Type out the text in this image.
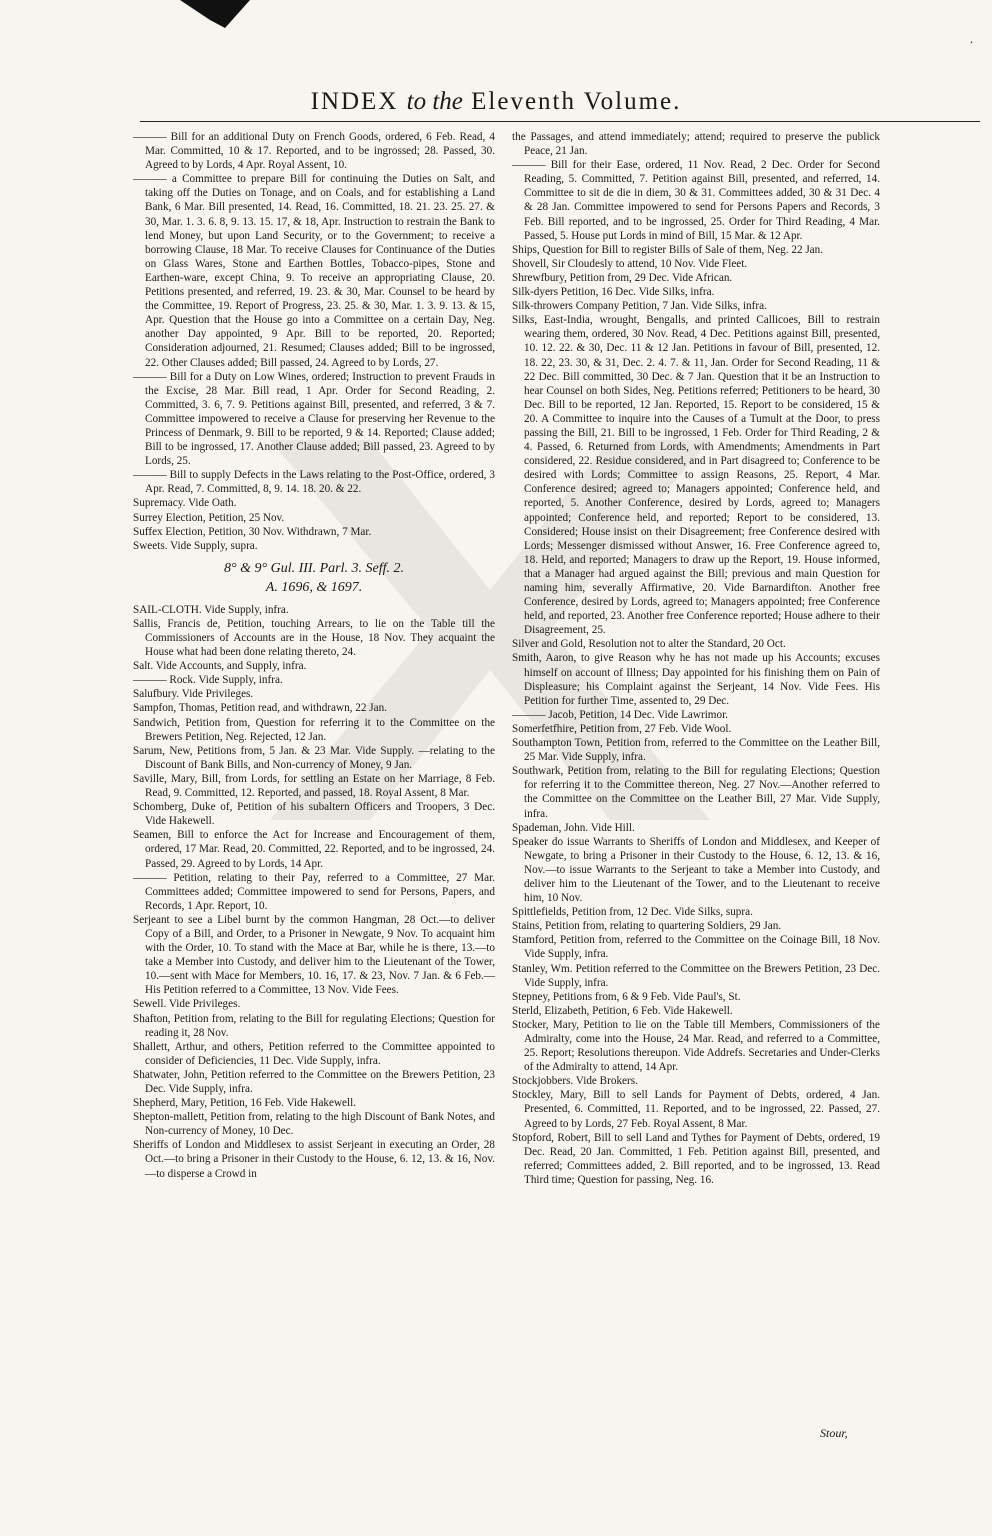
INDEX to the Eleventh Volume.
——— Bill for an additional Duty on French Goods, ordered, 6 Feb. Read, 4 Mar. Committed, 10 & 17. Reported, and to be ingrossed; 28. Passed, 30. Agreed to by Lords, 4 Apr. Royal Assent, 10.
——— a Committee to prepare Bill for continuing the Duties on Salt, and taking off the Duties on Tonage, and on Coals, and for establishing a Land Bank, 6 Mar. Bill presented, 14. Read, 16. Committed, 18. 21. 23. 25. 27. & 30, Mar. 1. 3. 6. 8, 9. 13. 15. 17, & 18, Apr. Instruction to restrain the Bank to lend Money, but upon Land Security, or to the Government; to receive a borrowing Clause, 18 Mar. To receive Clauses for Continuance of the Duties on Glass Wares, Stone and Earthen Bottles, Tobacco-pipes, Stone and Earthen-ware, except China, 9. To receive an appropriating Clause, 20. Petitions presented, and referred, 19. 23. & 30, Mar. Counsel to be heard by the Committee, 19. Report of Progress, 23. 25. & 30, Mar. 1. 3. 9. 13. & 15, Apr. Question that the House go into a Committee on a certain Day, Neg. another Day appointed, 9 Apr. Bill to be reported, 20. Reported; Consideration adjourned, 21. Resumed; Clauses added; Bill to be ingrossed, 22. Other Clauses added; Bill passed, 24. Agreed to by Lords, 27.
——— Bill for a Duty on Low Wines, ordered; Instruction to prevent Frauds in the Excise, 28 Mar. Bill read, 1 Apr. Order for Second Reading, 2. Committed, 3. 6, 7. 9. Petitions against Bill, presented, and referred, 3 & 7. Committee impowered to receive a Clause for preserving her Revenue to the Princess of Denmark, 9. Bill to be reported, 9 & 14. Reported; Clause added; Bill to be ingrossed, 17. Another Clause added; Bill passed, 23. Agreed to by Lords, 25.
——— Bill to supply Defects in the Laws relating to the Post-Office, ordered, 3 Apr. Read, 7. Committed, 8, 9. 14. 18. 20. & 22.
Supremacy. Vide Oath.
Surrey Election, Petition, 25 Nov.
Suffex Election, Petition, 30 Nov. Withdrawn, 7 Mar.
Sweets. Vide Supply, supra.
8° & 9° Gul. III. Parl. 3. Seff. 2.
A. 1696, & 1697.
SAIL-CLOTH. Vide Supply, infra.
Sallis, Francis de, Petition, touching Arrears, to lie on the Table till the Commissioners of Accounts are in the House, 18 Nov. They acquaint the House what had been done relating thereto, 24.
Salt. Vide Accounts, and Supply, infra.
——— Rock. Vide Supply, infra.
Salufbury. Vide Privileges.
Sampfon, Thomas, Petition read, and withdrawn, 22 Jan.
Sandwich, Petition from, Question for referring it to the Committee on the Brewers Petition, Neg. Rejected, 12 Jan.
Sarum, New, Petitions from, 5 Jan. & 23 Mar. Vide Supply. —relating to the Discount of Bank Bills, and Non-currency of Money, 9 Jan.
Saville, Mary, Bill, from Lords, for settling an Estate on her Marriage, 8 Feb. Read, 9. Committed, 12. Reported, and passed, 18. Royal Assent, 8 Mar.
Schomberg, Duke of, Petition of his subaltern Officers and Troopers, 3 Dec. Vide Hakewell.
Seamen, Bill to enforce the Act for Increase and Encouragement of them, ordered, 17 Mar. Read, 20. Committed, 22. Reported, and to be ingrossed, 24. Passed, 29. Agreed to by Lords, 14 Apr.
——— Petition, relating to their Pay, referred to a Committee, 27 Mar. Committees added; Committee impowered to send for Persons, Papers, and Records, 1 Apr. Report, 10.
Serjeant to see a Libel burnt by the common Hangman, 28 Oct.—to deliver Copy of a Bill, and Order, to a Prisoner in Newgate, 9 Nov. To acquaint him with the Order, 10. To stand with the Mace at Bar, while he is there, 13.—to take a Member into Custody, and deliver him to the Lieutenant of the Tower, 10.—sent with Mace for Members, 10. 16, 17. & 23, Nov. 7 Jan. & 6 Feb.—His Petition referred to a Committee, 13 Nov. Vide Fees.
Sewell. Vide Privileges.
Shafton, Petition from, relating to the Bill for regulating Elections; Question for reading it, 28 Nov.
Shallett, Arthur, and others, Petition referred to the Committee appointed to consider of Deficiencies, 11 Dec. Vide Supply, infra.
Shatwater, John, Petition referred to the Committee on the Brewers Petition, 23 Dec. Vide Supply, infra.
Shepherd, Mary, Petition, 16 Feb. Vide Hakewell.
Shepton-mallett, Petition from, relating to the high Discount of Bank Notes, and Non-currency of Money, 10 Dec.
Sheriffs of London and Middlesex to assist Serjeant in executing an Order, 28 Oct.—to bring a Prisoner in their Custody to the House, 6. 12, 13. & 16, Nov.—to disperse a Crowd in
the Passages, and attend immediately; attend; required to preserve the publick Peace, 21 Jan.
——— Bill for their Ease, ordered, 11 Nov. Read, 2 Dec. Order for Second Reading, 5. Committed, 7. Petition against Bill, presented, and referred, 14. Committee to sit de die in diem, 30 & 31. Committees added, 30 & 31 Dec. 4 & 28 Jan. Committee impowered to send for Persons Papers and Records, 3 Feb. Bill reported, and to be ingrossed, 25. Order for Third Reading, 4 Mar. Passed, 5. House put Lords in mind of Bill, 15 Mar. & 12 Apr.
Ships, Question for Bill to register Bills of Sale of them, Neg. 22 Jan.
Shovell, Sir Cloudesly to attend, 10 Nov. Vide Fleet.
Shrewfbury, Petition from, 29 Dec. Vide African.
Silk-dyers Petition, 16 Dec. Vide Silks, infra.
Silk-throwers Company Petition, 7 Jan. Vide Silks, infra.
Silks, East-India, wrought, Bengalls, and printed Callicoes, Bill to restrain wearing them, ordered, 30 Nov. Read, 4 Dec. Petitions against Bill, presented, 10. 12. 22. & 30, Dec. 11 & 12 Jan. Petitions in favour of Bill, presented, 12. 18. 22, 23. 30, & 31, Dec. 2. 4. 7. & 11, Jan. Order for Second Reading, 11 & 22 Dec. Bill committed, 30 Dec. & 7 Jan. Question that it be an Instruction to hear Counsel on both Sides, Neg. Petitions referred; Petitioners to be heard, 30 Dec. Bill to be reported, 12 Jan. Reported, 15. Report to be considered, 15 & 20. A Committee to inquire into the Causes of a Tumult at the Door, to press passing the Bill, 21. Bill to be ingrossed, 1 Feb. Order for Third Reading, 2 & 4. Passed, 6. Returned from Lords, with Amendments; Amendments in Part considered, 22. Residue considered, and in Part disagreed to; Conference to be desired with Lords; Committee to assign Reasons, 25. Report, 4 Mar. Conference desired; agreed to; Managers appointed; Conference held, and reported, 5. Another Conference, desired by Lords, agreed to; Managers appointed; Conference held, and reported; Report to be considered, 13. Considered; House insist on their Disagreement; free Conference desired with Lords; Messenger dismissed without Answer, 16. Free Conference agreed to, 18. Held, and reported; Managers to draw up the Report, 19. House informed, that a Manager had argued against the Bill; previous and main Question for naming him, severally Affirmative, 20. Vide Barnardifton. Another free Conference, desired by Lords, agreed to; Managers appointed; free Conference held, and reported, 23. Another free Conference reported; House adhere to their Disagreement, 25.
Silver and Gold, Resolution not to alter the Standard, 20 Oct.
Smith, Aaron, to give Reason why he has not made up his Accounts; excuses himself on account of Illness; Day appointed for his finishing them on Pain of Displeasure; his Complaint against the Serjeant, 14 Nov. Vide Fees. His Petition for further Time, assented to, 29 Dec.
——— Jacob, Petition, 14 Dec. Vide Lawrimor.
Somerfetfhire, Petition from, 27 Feb. Vide Wool.
Southampton Town, Petition from, referred to the Committee on the Leather Bill, 25 Mar. Vide Supply, infra.
Southwark, Petition from, relating to the Bill for regulating Elections; Question for referring it to the Committee thereon, Neg. 27 Nov.—Another referred to the Committee on the Committee on the Leather Bill, 27 Mar. Vide Supply, infra.
Spademan, John. Vide Hill.
Speaker do issue Warrants to Sheriffs of London and Middlesex, and Keeper of Newgate, to bring a Prisoner in their Custody to the House, 6. 12, 13. & 16, Nov.—to issue Warrants to the Serjeant to take a Member into Custody, and deliver him to the Lieutenant of the Tower, and to the Lieutenant to receive him, 10 Nov.
Spittlefields, Petition from, 12 Dec. Vide Silks, supra.
Stains, Petition from, relating to quartering Soldiers, 29 Jan.
Stamford, Petition from, referred to the Committee on the Coinage Bill, 18 Nov. Vide Supply, infra.
Stanley, Wm. Petition referred to the Committee on the Brewers Petition, 23 Dec. Vide Supply, infra.
Stepney, Petitions from, 6 & 9 Feb. Vide Paul's, St.
Sterld, Elizabeth, Petition, 6 Feb. Vide Hakewell.
Stocker, Mary, Petition to lie on the Table till Members, Commissioners of the Admiralty, come into the House, 24 Mar. Read, and referred to a Committee, 25. Report; Resolutions thereupon. Vide Addrefs. Secretaries and Under-Clerks of the Admiralty to attend, 14 Apr.
Stockjobbers. Vide Brokers.
Stockley, Mary, Bill to sell Lands for Payment of Debts, ordered, 4 Jan. Presented, 6. Committed, 11. Reported, and to be ingrossed, 22. Passed, 27. Agreed to by Lords, 27 Feb. Royal Assent, 8 Mar.
Stopford, Robert, Bill to sell Land and Tythes for Payment of Debts, ordered, 19 Dec. Read, 20 Jan. Committed, 1 Feb. Petition against Bill, presented, and referred; Committees added, 2. Bill reported, and to be ingrossed, 13. Read Third time; Question for passing, Neg. 16.
Stour,
˙
